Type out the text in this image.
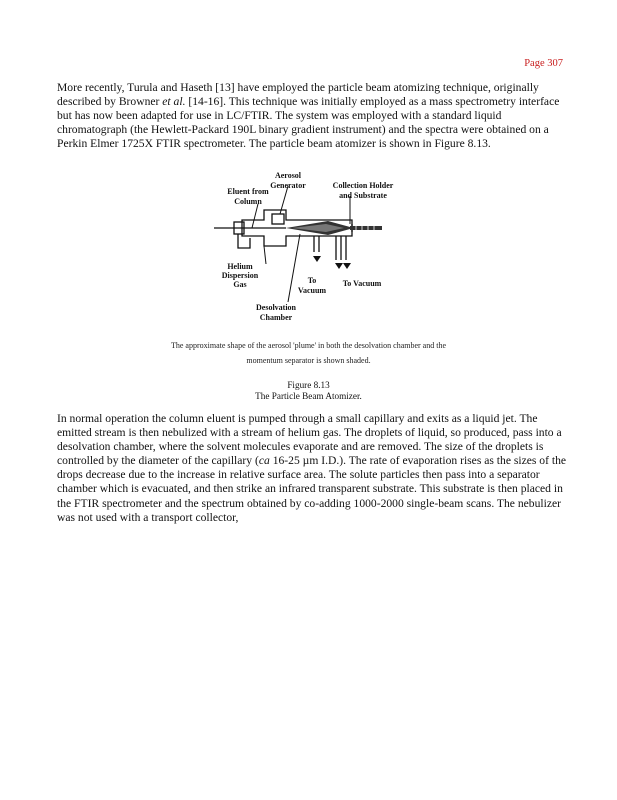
Page 307

More recently, Turula and Haseth [13] have employed the particle beam atomizing technique, originally described by Browner et al. [14-16]. This technique was initially employed as a mass spectrometry interface but has now been adapted for use in LC/FTIR. The system was employed with a standard liquid chromatograph (the Hewlett-Packard 190L binary gradient instrument) and the spectra were obtained on a Perkin Elmer 1725X FTIR spectrometer. The particle beam atomizer is shown in Figure 8.13.

Aerosol
Generator
Eluent from
Column
Collection Holder
and Substrate
Helium
Dispersion
Gas	To
Vacuum
To Vacuum
Desolvation
Chamber

The approximate shape of the aerosol 'plume' in both the desolvation chamber and the

momentum separator is shown shaded.

Figure 8.13

The Particle Beam Atomizer.

In normal operation the column eluent is pumped through a small capillary and exits as a liquid jet. The emitted stream is then nebulized with a stream of helium gas. The droplets of liquid, so produced, pass into a desolvation chamber, where the solvent molecules evaporate and are removed. The size of the droplets is controlled by the diameter of the capillary (ca 16-25 µm I.D.). The rate of evaporation rises as the sizes of the drops decrease due to the increase in relative surface area. The solute particles then pass into a separator chamber which is evacuated, and then strike an infrared transparent substrate. This substrate is then placed in the FTIR spectrometer and the spectrum obtained by co-adding 1000-2000 single-beam scans. The nebulizer was not used with a transport collector,
